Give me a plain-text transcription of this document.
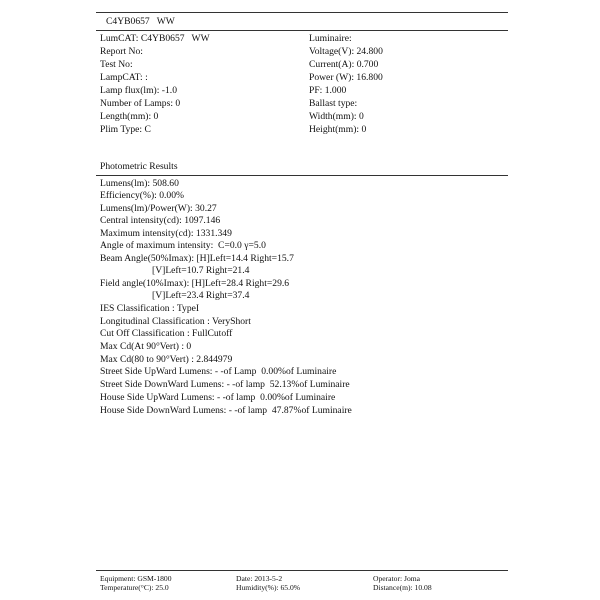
C4YB0657   WW
LumCAT: C4YB0657   WW
Report No:
Test No:
LampCAT: :
Lamp flux(lm): -1.0
Number of Lamps: 0
Length(mm): 0
Plim Type: C
Luminaire:
Voltage(V): 24.800
Current(A): 0.700
Power (W): 16.800
PF: 1.000
Ballast type:
Width(mm): 0
Height(mm): 0
Photometric Results
Lumens(lm): 508.60
Efficiency(%): 0.00%
Lumens(lm)/Power(W): 30.27
Central intensity(cd): 1097.146
Maximum intensity(cd): 1331.349
Angle of maximum intensity:  C=0.0 γ=5.0
Beam Angle(50%Imax): [H]Left=14.4 Right=15.7
[V]Left=10.7 Right=21.4
Field angle(10%Imax): [H]Left=28.4 Right=29.6
[V]Left=23.4 Right=37.4
IES Classification : TypeI
Longitudinal Classification : VeryShort
Cut Off Classification : FullCutoff
Max Cd(At 90°Vert) : 0
Max Cd(80 to 90°Vert) : 2.844979
Street Side UpWard Lumens: - -of Lamp  0.00%of Luminaire
Street Side DownWard Lumens: - -of lamp  52.13%of Luminaire
House Side UpWard Lumens: - -of lamp  0.00%of Luminaire
House Side DownWard Lumens: - -of lamp  47.87%of Luminaire
Equipment: GSM-1800
Temperature(°C): 25.0
Date: 2013-5-2
Humidity(%): 65.0%
Operator: Joma
Distance(m): 10.08
